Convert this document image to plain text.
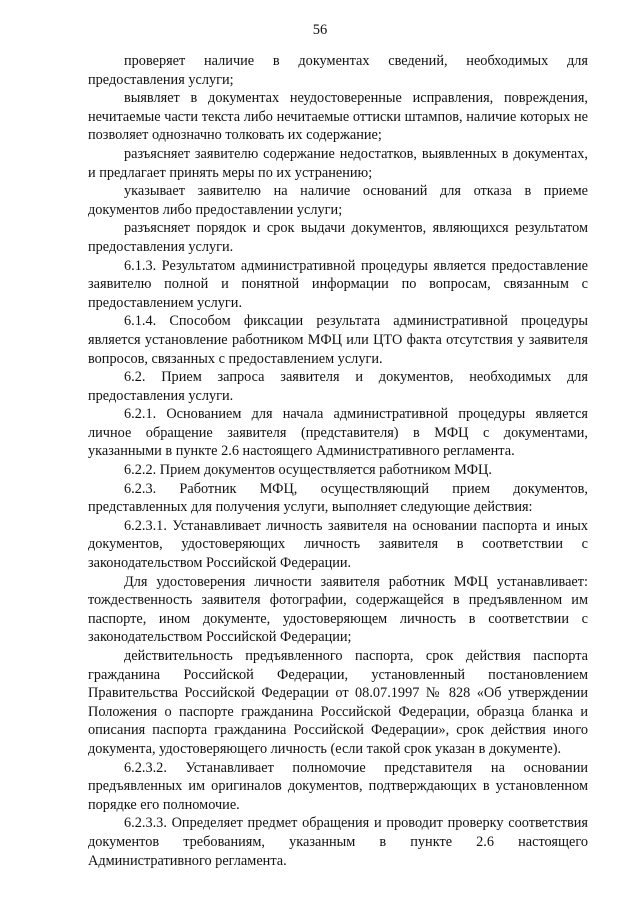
56

проверяет наличие в документах сведений, необходимых для предоставления услуги;

выявляет в документах неудостоверенные исправления, повреждения, нечитаемые части текста либо нечитаемые оттиски штампов, наличие которых не позволяет однозначно толковать их содержание;

разъясняет заявителю содержание недостатков, выявленных в документах, и предлагает принять меры по их устранению;

указывает заявителю на наличие оснований для отказа в приеме документов либо предоставлении услуги;

разъясняет порядок и срок выдачи документов, являющихся результатом предоставления услуги.

6.1.3. Результатом административной процедуры является предоставление заявителю полной и понятной информации по вопросам, связанным с предоставлением услуги.

6.1.4. Способом фиксации результата административной процедуры является установление работником МФЦ или ЦТО факта отсутствия у заявителя вопросов, связанных с предоставлением услуги.

6.2. Прием запроса заявителя и документов, необходимых для предоставления услуги.

6.2.1. Основанием для начала административной процедуры является личное обращение заявителя (представителя) в МФЦ с документами, указанными в пункте 2.6 настоящего Административного регламента.

6.2.2. Прием документов осуществляется работником МФЦ.

6.2.3. Работник МФЦ, осуществляющий прием документов, представленных для получения услуги, выполняет следующие действия:

6.2.3.1. Устанавливает личность заявителя на основании паспорта и иных документов, удостоверяющих личность заявителя в соответствии с законодательством Российской Федерации.

Для удостоверения личности заявителя работник МФЦ устанавливает: тождественность заявителя фотографии, содержащейся в предъявленном им паспорте, ином документе, удостоверяющем личность в соответствии с законодательством Российской Федерации;

действительность предъявленного паспорта, срок действия паспорта гражданина Российской Федерации, установленный постановлением Правительства Российской Федерации от 08.07.1997 № 828 «Об утверждении Положения о паспорте гражданина Российской Федерации, образца бланка и описания паспорта гражданина Российской Федерации», срок действия иного документа, удостоверяющего личность (если такой срок указан в документе).

6.2.3.2. Устанавливает полномочие представителя на основании предъявленных им оригиналов документов, подтверждающих в установленном порядке его полномочие.

6.2.3.3. Определяет предмет обращения и проводит проверку соответствия документов требованиям, указанным в пункте 2.6 настоящего Административного регламента.
